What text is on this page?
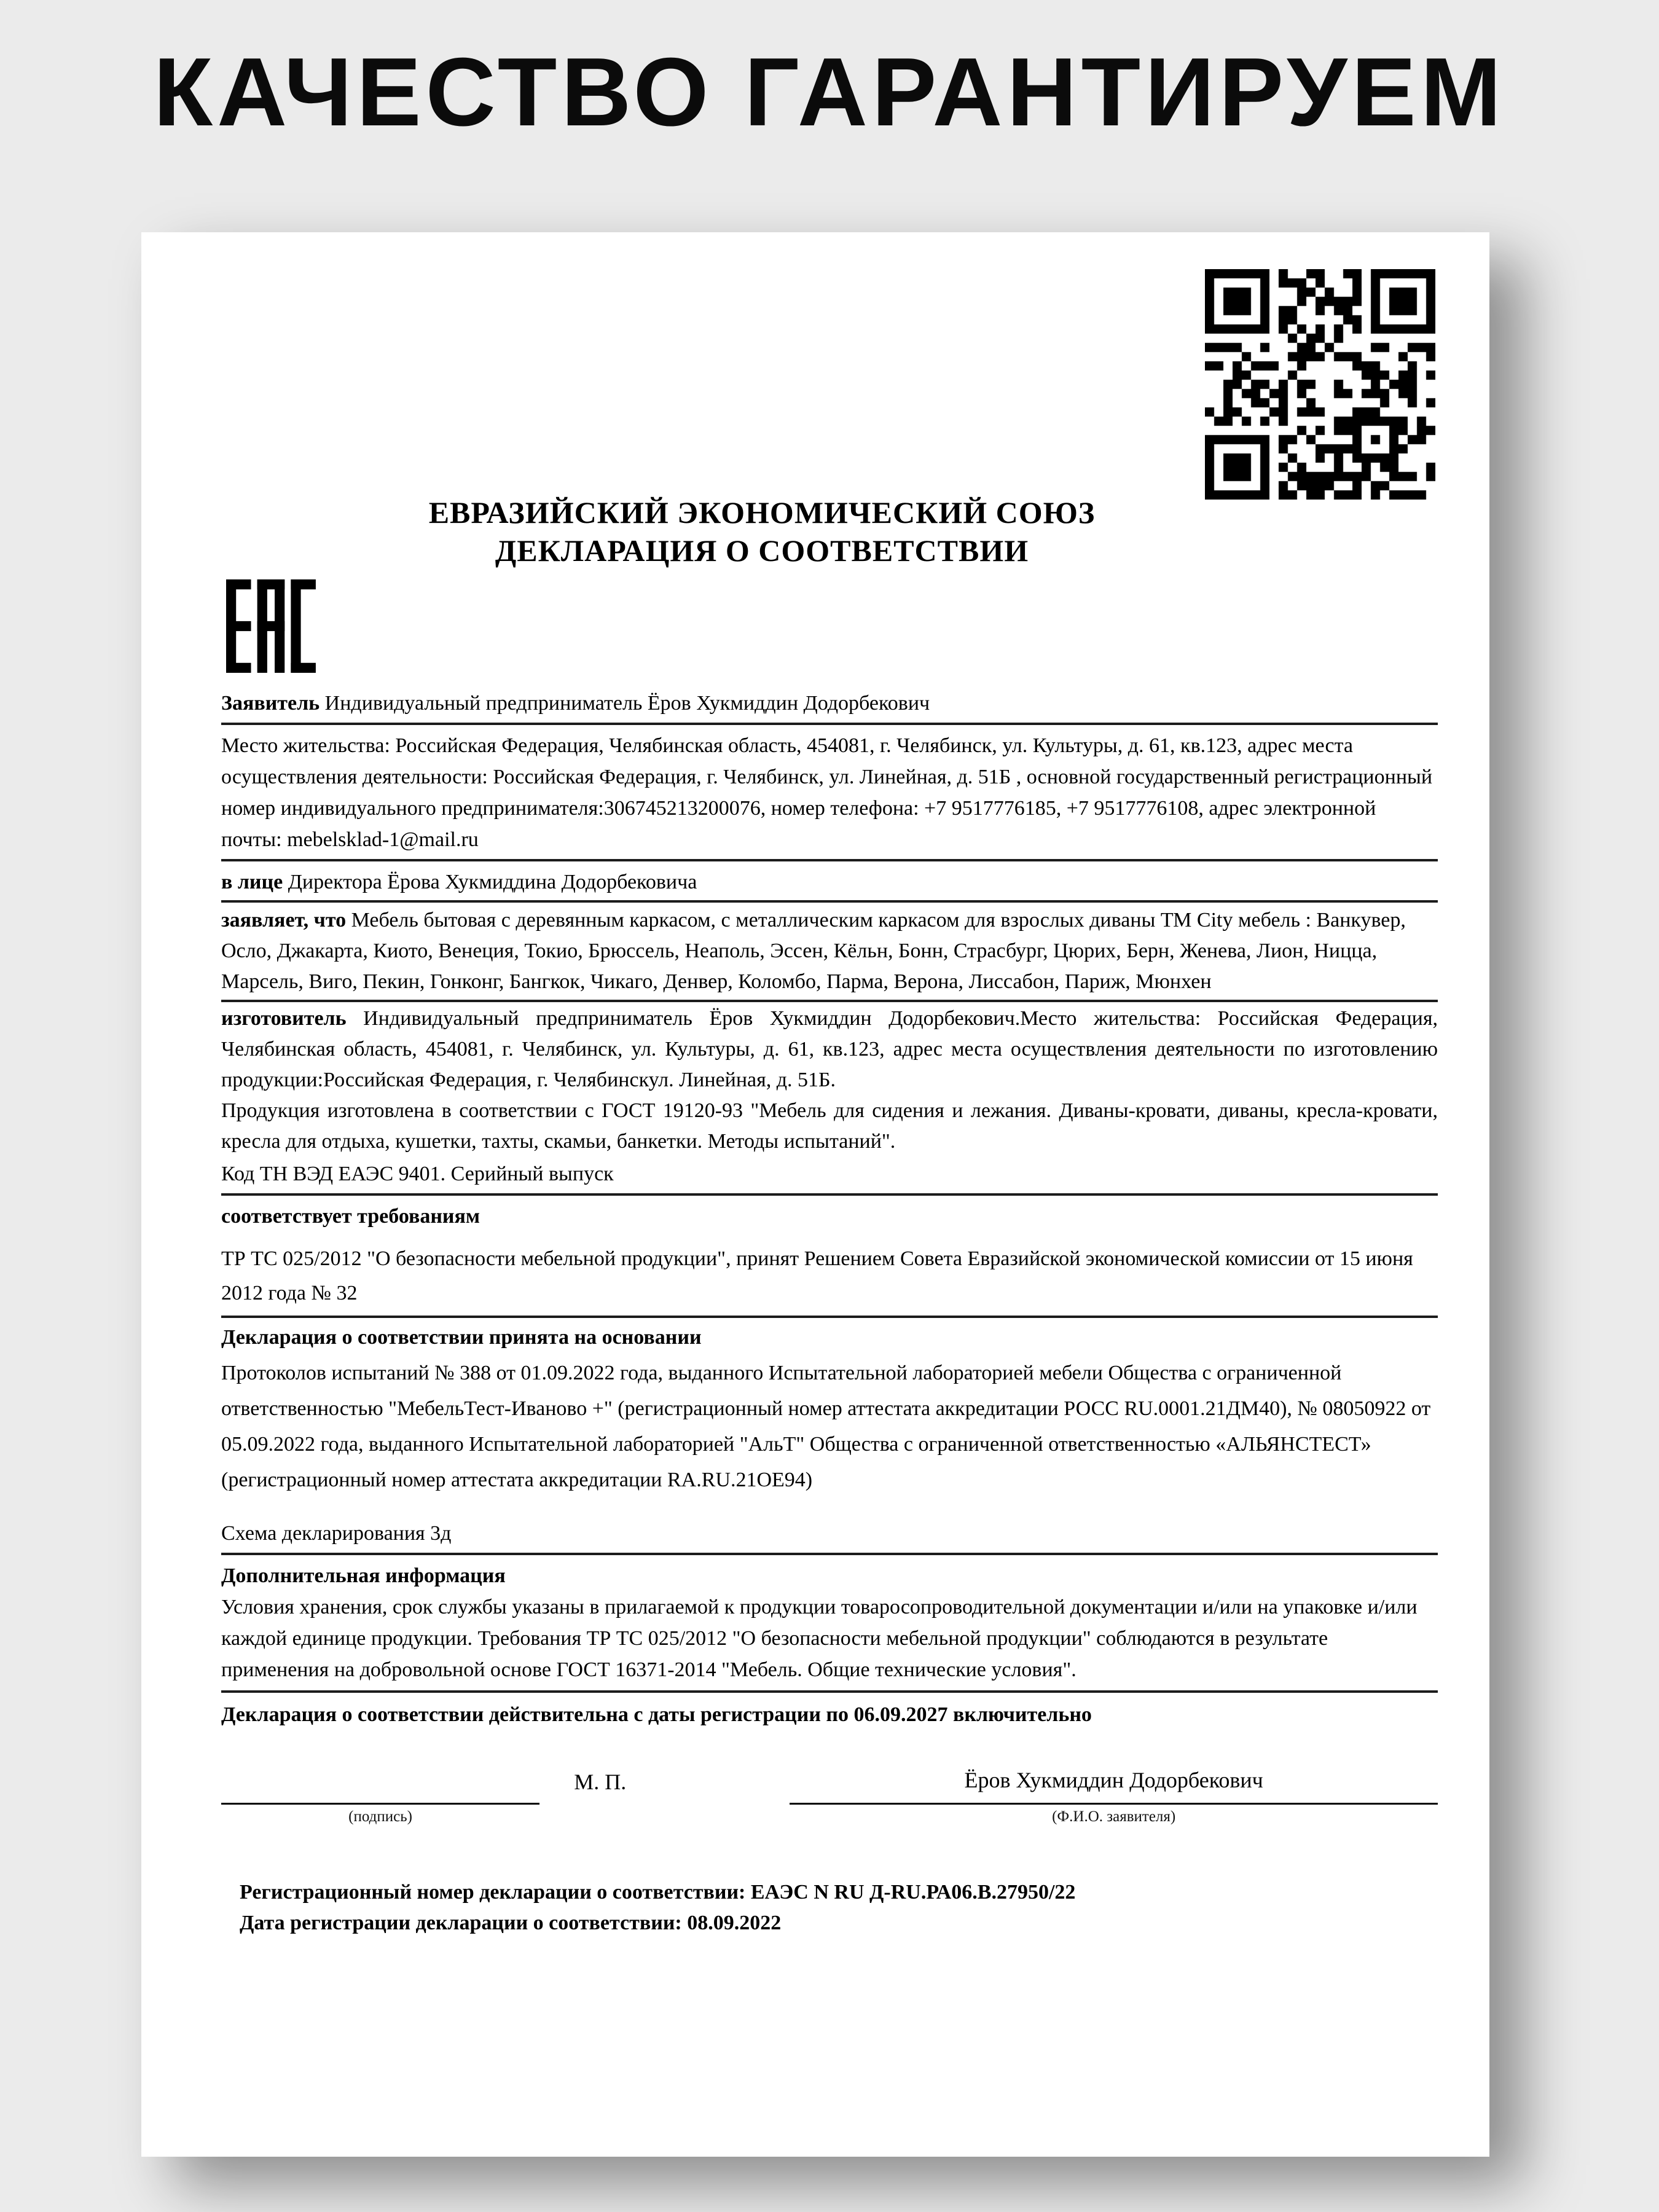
КАЧЕСТВО ГАРАНТИРУЕМ
ЕВРАЗИЙСКИЙ ЭКОНОМИЧЕСКИЙ СОЮЗ
ДЕКЛАРАЦИЯ О СООТВЕТСТВИИ
Заявитель Индивидуальный предприниматель Ёров Хукмиддин Додорбекович
Место жительства: Российская Федерация, Челябинская область, 454081, г. Челябинск, ул. Культуры, д. 61, кв.123, адрес места осуществления деятельности: Российская Федерация, г. Челябинск, ул. Линейная, д. 51Б , основной государственный регистрационный номер индивидуального предпринимателя:306745213200076, номер телефона: +7 9517776185, +7 9517776108, адрес электронной почты: mebelsklad-1@mail.ru
в лице Директора Ёрова Хукмиддина Додорбековича
заявляет, что Мебель бытовая с деревянным каркасом, с металлическим каркасом для взрослых диваны ТМ City мебель : Ванкувер, Осло, Джакарта, Киото, Венеция, Токио, Брюссель, Неаполь, Эссен, Кёльн, Бонн, Страсбург, Цюрих, Берн, Женева, Лион, Ницца, Марсель, Виго, Пекин, Гонконг, Бангкок, Чикаго, Денвер, Коломбо, Парма, Верона, Лиссабон, Париж, Мюнхен
изготовитель Индивидуальный предприниматель Ёров Хукмиддин Додорбекович.Место жительства: Российская Федерация, Челябинская область, 454081, г. Челябинск, ул. Культуры, д. 61, кв.123, адрес места осуществления деятельности по изготовлению продукции:Российская Федерация, г. Челябинскул. Линейная, д. 51Б.
Продукция изготовлена в соответствии с ГОСТ 19120-93 "Мебель для сидения и лежания. Диваны-кровати, диваны, кресла-кровати, кресла для отдыха, кушетки, тахты, скамьи, банкетки. Методы испытаний".
Код ТН ВЭД ЕАЭС 9401. Серийный выпуск
соответствует требованиям
ТР ТС 025/2012 "О безопасности мебельной продукции", принят Решением Совета Евразийской экономической комиссии от 15 июня 2012 года № 32
Декларация о соответствии принята на основании
Протоколов испытаний № 388 от 01.09.2022 года, выданного Испытательной лабораторией мебели Общества с ограниченной ответственностью "МебельТест-Иваново +" (регистрационный номер аттестата аккредитации РОСС RU.0001.21ДМ40), № 08050922 от 05.09.2022 года, выданного Испытательной лабораторией "АльТ" Общества с ограниченной ответственностью «АЛЬЯНСТЕСТ» (регистрационный номер аттестата аккредитации RA.RU.21OE94)
Схема декларирования 3д
Дополнительная информация
Условия хранения, срок службы указаны в прилагаемой к продукции товаросопроводительной документации и/или на упаковке и/или каждой единице продукции. Требования ТР ТС 025/2012 "О безопасности мебельной продукции" соблюдаются в результате применения на добровольной основе ГОСТ 16371-2014 "Мебель. Общие технические условия".
Декларация о соответствии действительна с даты регистрации по 06.09.2027 включительно
(подпись)
М. П.	Ёров Хукмиддин Додорбекович
(Ф.И.О. заявителя)
Регистрационный номер декларации о соответствии: ЕАЭС N RU Д-RU.РА06.В.27950/22
Дата регистрации декларации о соответствии: 08.09.2022
